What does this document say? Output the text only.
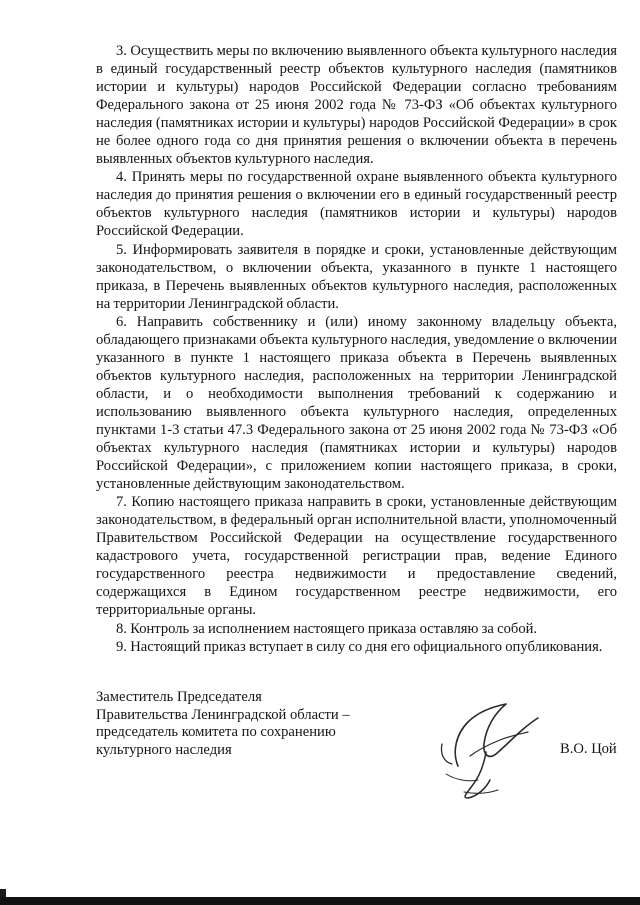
3. Осуществить меры по включению выявленного объекта культурного наследия в единый государственный реестр объектов культурного наследия (памятников истории и культуры) народов Российской Федерации согласно требованиям Федерального закона от 25 июня 2002 года № 73-ФЗ «Об объектах культурного наследия (памятниках истории и культуры) народов Российской Федерации» в срок не более одного года со дня принятия решения о включении объекта в перечень выявленных объектов культурного наследия.

4. Принять меры по государственной охране выявленного объекта культурного наследия до принятия решения о включении его в единый государственный реестр объектов культурного наследия (памятников истории и культуры) народов Российской Федерации.

5. Информировать заявителя в порядке и сроки, установленные действующим законодательством, о включении объекта, указанного в пункте 1 настоящего приказа, в Перечень выявленных объектов культурного наследия, расположенных на территории Ленинградской области.

6. Направить собственнику и (или) иному законному владельцу объекта, обладающего признаками объекта культурного наследия, уведомление о включении указанного в пункте 1 настоящего приказа объекта в Перечень выявленных объектов культурного наследия, расположенных на территории Ленинградской области, и о необходимости выполнения требований к содержанию и использованию выявленного объекта культурного наследия, определенных пунктами 1-3 статьи 47.3 Федерального закона от 25 июня 2002 года № 73-ФЗ «Об объектах культурного наследия (памятниках истории и культуры) народов Российской Федерации», с приложением копии настоящего приказа, в сроки, установленные действующим законодательством.

7. Копию настоящего приказа направить в сроки, установленные действующим законодательством, в федеральный орган исполнительной власти, уполномоченный Правительством Российской Федерации на осуществление государственного кадастрового учета, государственной регистрации прав, ведение Единого государственного реестра недвижимости и предоставление сведений, содержащихся в Едином государственном реестре недвижимости, его территориальные органы.

8. Контроль за исполнением настоящего приказа оставляю за собой.

9. Настоящий приказ вступает в силу со дня его официального опубликования.

Заместитель Председателя
Правительства Ленинградской области –
председатель комитета по сохранению
культурного наследия	В.О. Цой
